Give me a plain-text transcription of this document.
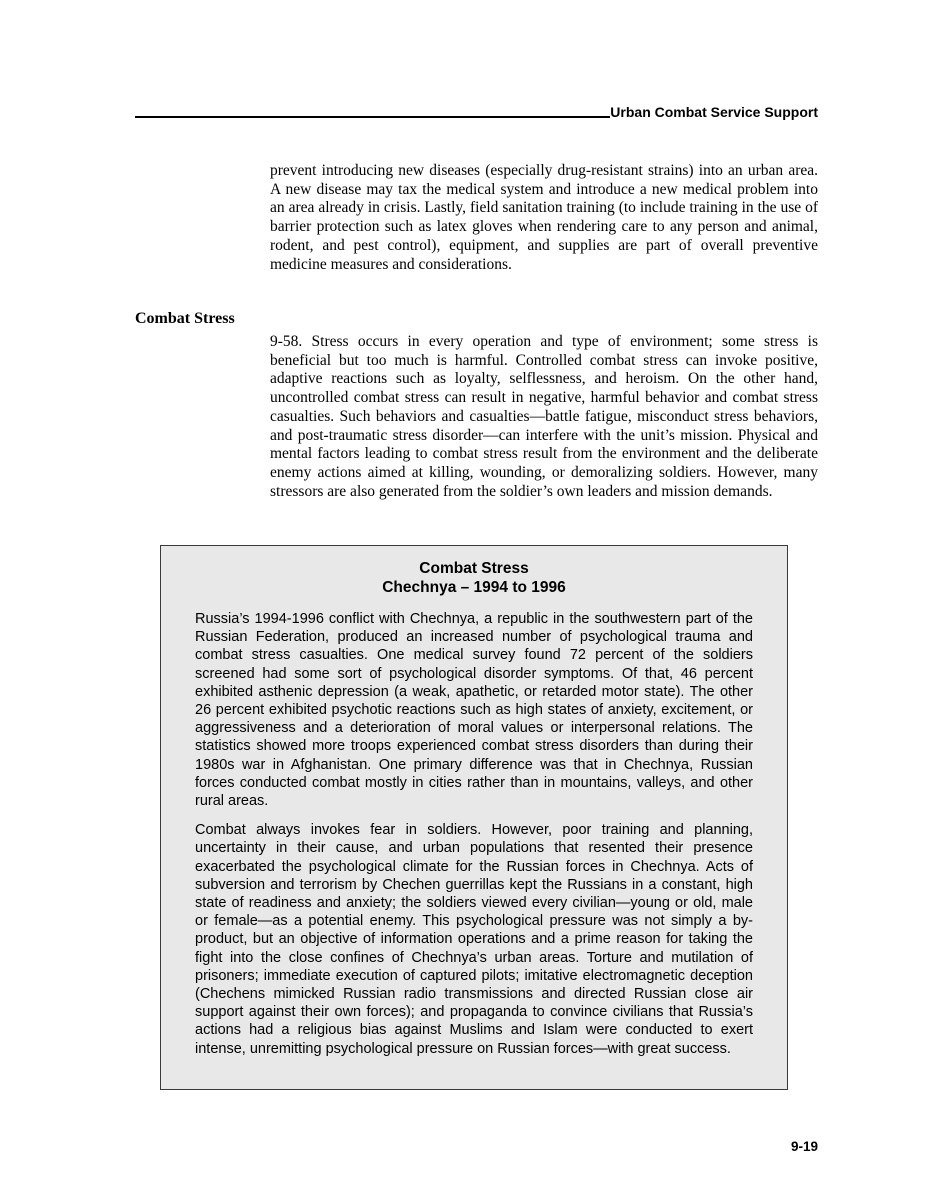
Urban Combat Service Support
prevent introducing new diseases (especially drug-resistant strains) into an urban area. A new disease may tax the medical system and introduce a new medical problem into an area already in crisis. Lastly, field sanitation training (to include training in the use of barrier protection such as latex gloves when rendering care to any person and animal, rodent, and pest control), equipment, and supplies are part of overall preventive medicine measures and considerations.
Combat Stress
9-58. Stress occurs in every operation and type of environment; some stress is beneficial but too much is harmful. Controlled combat stress can invoke positive, adaptive reactions such as loyalty, selflessness, and heroism. On the other hand, uncontrolled combat stress can result in negative, harmful behavior and combat stress casualties. Such behaviors and casualties—battle fatigue, misconduct stress behaviors, and post-traumatic stress disorder—can interfere with the unit’s mission. Physical and mental factors leading to combat stress result from the environment and the deliberate enemy actions aimed at killing, wounding, or demoralizing soldiers. However, many stressors are also generated from the soldier’s own leaders and mission demands.
Combat Stress
Chechnya – 1994 to 1996

Russia’s 1994-1996 conflict with Chechnya, a republic in the southwestern part of the Russian Federation, produced an increased number of psychological trauma and combat stress casualties. One medical survey found 72 percent of the soldiers screened had some sort of psychological disorder symptoms. Of that, 46 percent exhibited asthenic depression (a weak, apathetic, or retarded motor state). The other 26 percent exhibited psychotic reactions such as high states of anxiety, excitement, or aggressiveness and a deterioration of moral values or interpersonal relations. The statistics showed more troops experienced combat stress disorders than during their 1980s war in Afghanistan. One primary difference was that in Chechnya, Russian forces conducted combat mostly in cities rather than in mountains, valleys, and other rural areas.

Combat always invokes fear in soldiers. However, poor training and planning, uncertainty in their cause, and urban populations that resented their presence exacerbated the psychological climate for the Russian forces in Chechnya. Acts of subversion and terrorism by Chechen guerrillas kept the Russians in a constant, high state of readiness and anxiety; the soldiers viewed every civilian—young or old, male or female—as a potential enemy. This psychological pressure was not simply a by-product, but an objective of information operations and a prime reason for taking the fight into the close confines of Chechnya’s urban areas. Torture and mutilation of prisoners; immediate execution of captured pilots; imitative electromagnetic deception (Chechens mimicked Russian radio transmissions and directed Russian close air support against their own forces); and propaganda to convince civilians that Russia’s actions had a religious bias against Muslims and Islam were conducted to exert intense, unremitting psychological pressure on Russian forces—with great success.

9-19
